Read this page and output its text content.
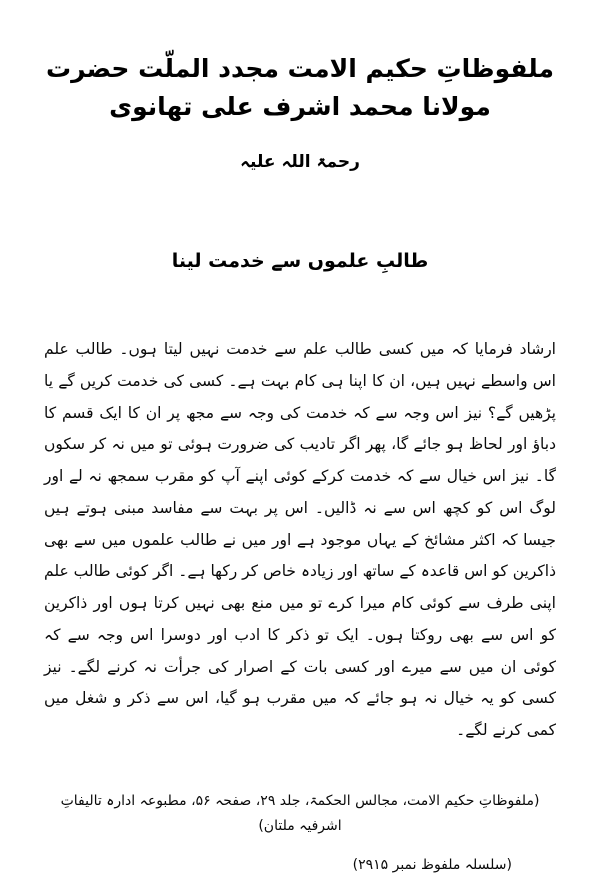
ملفوظاتِ حکیم الامت مجدد الملّت حضرت مولانا محمد اشرف علی تھانوی
رحمۃ اللہ علیہ
طالبِ علموں سے خدمت لینا

ارشاد فرمایا کہ میں کسی طالب علم سے خدمت نہیں لیتا ہوں۔ طالب علم اس واسطے نہیں ہیں، ان کا اپنا ہی کام بہت ہے۔ کسی کی خدمت کریں گے یا پڑھیں گے؟ نیز اس وجہ سے کہ خدمت کی وجہ سے مجھ پر ان کا ایک قسم کا دباؤ اور لحاظ ہو جائے گا، پھر اگر تادیب کی ضرورت ہوئی تو میں نہ کر سکوں گا۔ نیز اس خیال سے کہ خدمت کرکے کوئی اپنے آپ کو مقرب سمجھ نہ لے اور لوگ اس کو کچھ اس سے نہ ڈالیں۔ اس پر بہت سے مفاسد مبنی ہوتے ہیں جیسا کہ اکثر مشائخ کے یہاں موجود ہے اور میں نے طالب علموں میں سے بھی ذاکرین کو اس قاعدہ کے ساتھ اور زیادہ خاص کر رکھا ہے۔ اگر کوئی طالب علم اپنی طرف سے کوئی کام میرا کرے تو میں منع بھی نہیں کرتا ہوں اور ذاکرین کو اس سے بھی روکتا ہوں۔ ایک تو ذکر کا ادب اور دوسرا اس وجہ سے کہ کوئی ان میں سے میرے اور کسی بات کے اصرار کی جرأت نہ کرنے لگے۔ نیز کسی کو یہ خیال نہ ہو جائے کہ میں مقرب ہو گیا، اس سے ذکر و شغل میں کمی کرنے لگے۔

(ملفوظاتِ حکیم الامت، مجالس الحکمۃ، جلد ۲۹، صفحہ ۵۶، مطبوعہ ادارہ تالیفاتِ اشرفیہ ملتان)
(سلسلہ ملفوظ نمبر ۲۹۱۵)
